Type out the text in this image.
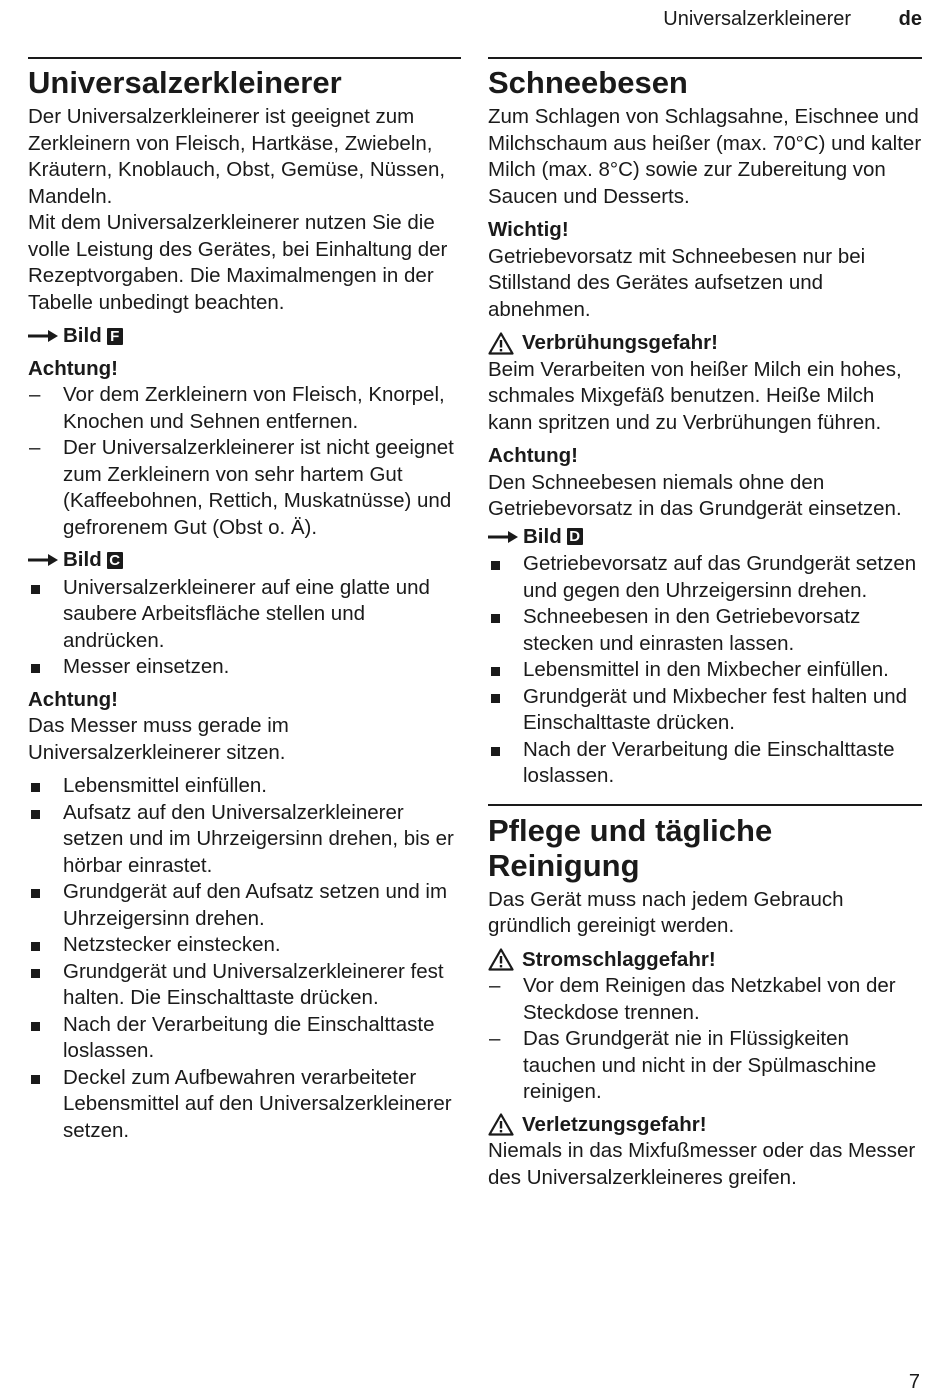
Universalzerkleinerer de
Universalzerkleinerer

Der Universalzerkleinerer ist geeignet zum Zerkleinern von Fleisch, Hartkäse, Zwiebeln, Kräutern, Knoblauch, Obst, Gemüse, Nüssen, Mandeln.

Mit dem Universalzerkleinerer nutzen Sie die volle Leistung des Gerätes, bei Einhaltung der Rezeptvorgaben. Die Maximalmengen in der Tabelle unbedingt beachten.

Bild F
Achtung!
– Vor dem Zerkleinern von Fleisch, Knorpel, Knochen und Sehnen entfernen.
– Der Universalzerkleinerer ist nicht geeignet zum Zerkleinern von sehr hartem Gut (Kaffeebohnen, Rettich, Muskatnüsse) und gefrorenem Gut (Obst o. Ä).
Bild C
Universalzerkleinerer auf eine glatte und saubere Arbeitsfläche stellen und andrücken.
Messer einsetzen.
Achtung!

Das Messer muss gerade im Universalzerkleinerer sitzen.

Lebensmittel einfüllen.
Aufsatz auf den Universalzerkleinerer setzen und im Uhrzeigersinn drehen, bis er hörbar einrastet.
Grundgerät auf den Aufsatz setzen und im Uhrzeigersinn drehen.
Netzstecker einstecken.
Grundgerät und Universalzerkleinerer fest halten. Die Einschalttaste drücken.
Nach der Verarbeitung die Einschalttaste loslassen.
Deckel zum Aufbewahren verarbeiteter Lebensmittel auf den Universalzerkleinerer setzen.
Schneebesen

Zum Schlagen von Schlagsahne, Eischnee und Milchschaum aus heißer (max. 70°C) und kalter Milch (max. 8°C) sowie zur Zubereitung von Saucen und Desserts.

Wichtig!

Getriebevorsatz mit Schneebesen nur bei Stillstand des Gerätes aufsetzen und abnehmen.

Verbrühungsgefahr!

Beim Verarbeiten von heißer Milch ein hohes, schmales Mixgefäß benutzen. Heiße Milch kann spritzen und zu Verbrühungen führen.

Achtung!

Den Schneebesen niemals ohne den Getriebevorsatz in das Grundgerät einsetzen.

Bild D
Getriebevorsatz auf das Grundgerät setzen und gegen den Uhrzeigersinn drehen.
Schneebesen in den Getriebevorsatz stecken und einrasten lassen.
Lebensmittel in den Mixbecher einfüllen.
Grundgerät und Mixbecher fest halten und Einschalttaste drücken.
Nach der Verarbeitung die Einschalttaste loslassen.
Pflege und tägliche Reinigung

Das Gerät muss nach jedem Gebrauch gründlich gereinigt werden.

Stromschlaggefahr!
– Vor dem Reinigen das Netzkabel von der Steckdose trennen.
– Das Grundgerät nie in Flüssigkeiten tauchen und nicht in der Spülmaschine reinigen.
Verletzungsgefahr!

Niemals in das Mixfußmesser oder das Messer des Universalzerkleineres greifen.

7
